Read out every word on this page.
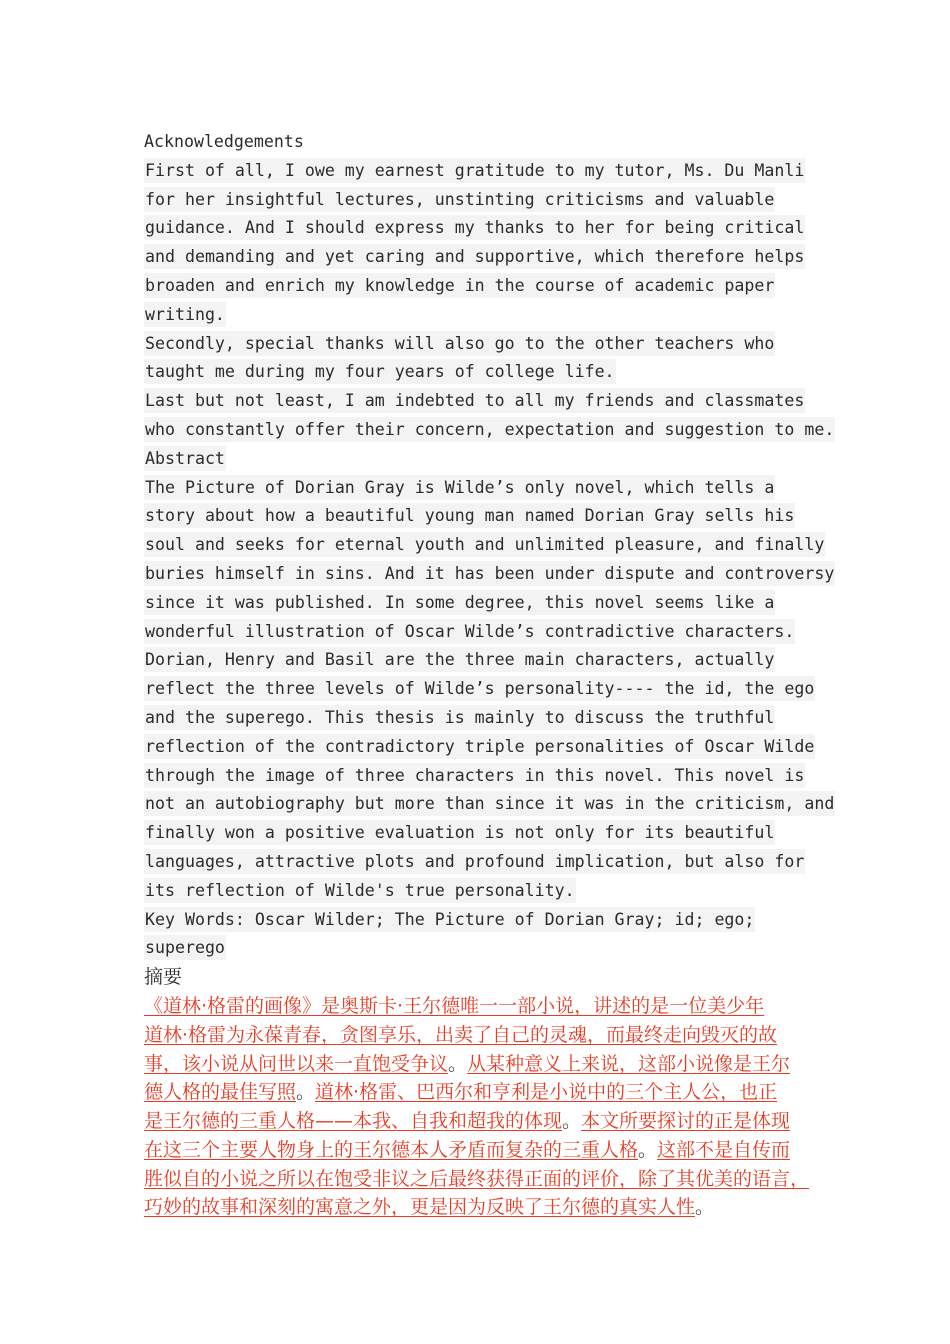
Acknowledgements
First of all, I owe my earnest gratitude to my tutor, Ms. Du Manli
for her insightful lectures, unstinting criticisms and valuable
guidance. And I should express my thanks to her for being critical
and demanding and yet caring and supportive, which therefore helps
broaden and enrich my knowledge in the course of academic paper
writing.
Secondly, special thanks will also go to the other teachers who
taught me during my four years of college life.
Last but not least, I am indebted to all my friends and classmates
who constantly offer their concern, expectation and suggestion to me.
Abstract
The Picture of Dorian Gray is Wilde’s only novel, which tells a
story about how a beautiful young man named Dorian Gray sells his
soul and seeks for eternal youth and unlimited pleasure, and finally
buries himself in sins. And it has been under dispute and controversy
since it was published. In some degree, this novel seems like a
wonderful illustration of Oscar Wilde’s contradictive characters.
Dorian, Henry and Basil are the three main characters, actually
reflect the three levels of Wilde’s personality---- the id, the ego
and the superego. This thesis is mainly to discuss the truthful
reflection of the contradictory triple personalities of Oscar Wilde
through the image of three characters in this novel. This novel is
not an autobiography but more than since it was in the criticism, and
finally won a positive evaluation is not only for its beautiful
languages, attractive plots and profound implication, but also for
its reflection of Wilde's true personality.
Key Words: Oscar Wilder; The Picture of Dorian Gray; id; ego;
superego
摘要
《道林·格雷的画像》是奥斯卡·王尔德唯一一部小说，讲述的是一位美少年
道林·格雷为永葆青春，贪图享乐，出卖了自己的灵魂，而最终走向毁灭的故
事，该小说从问世以来一直饱受争议。从某种意义上来说，这部小说像是王尔
德人格的最佳写照。道林·格雷、巴西尔和亨利是小说中的三个主人公，也正
是王尔德的三重人格——本我、自我和超我的体现。本文所要探讨的正是体现
在这三个主要人物身上的王尔德本人矛盾而复杂的三重人格。这部不是自传而
胜似自的小说之所以在饱受非议之后最终获得正面的评价，除了其优美的语言，
巧妙的故事和深刻的寓意之外，更是因为反映了王尔德的真实人性。
